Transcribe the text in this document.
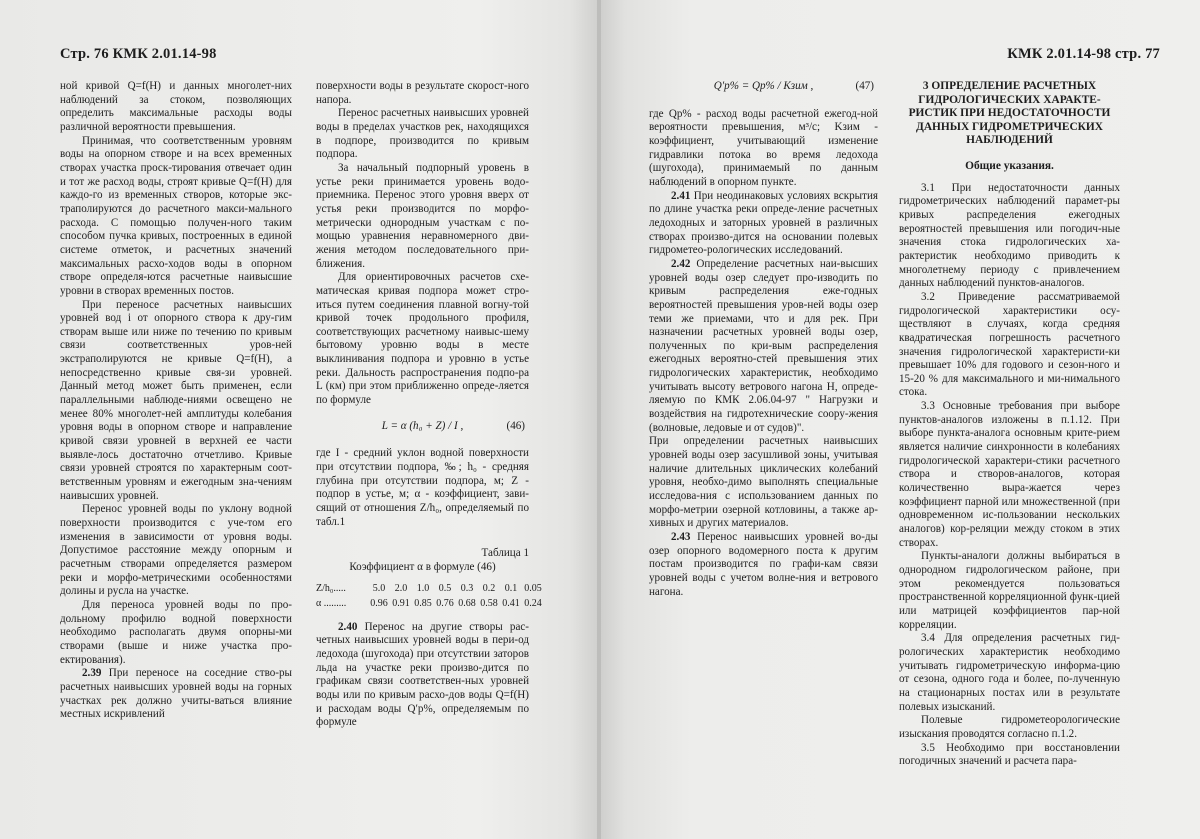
Стр. 76 КМК 2.01.14-98

ной кривой Q=f(H) и данных многолет-них наблюдений за стоком, позволяющих определить максимальные расходы воды различной вероятности превышения.

Принимая, что соответственным уровням воды на опорном створе и на всех временных створах участка проск-тирования отвечает один и тот же расход воды, строят кривые Q=f(H) для каждо-го из временных створов, которые экс-траполируются до расчетного макси-мального расхода. С помощью получен-ного таким способом пучка кривых, построенных в единой системе отметок, и расчетных значений максимальных расхо-ходов воды в опорном створе определя-ются расчетные наивысшие уровни в створах временных постов.

При переносе расчетных наивысших уровней вод і от опорного створа к дру-гим створам выше или ниже по течению по кривым связи соответственных уров-ней экстраполируются не кривые Q=f(H), а непосредственно кривые свя-зи уровней. Данный метод может быть применен, если параллельными наблюде-ниями освещено не менее 80% многолет-ней амплитуды колебания уровня воды в опорном створе и направление кривой связи уровней в верхней ее части выявле-лось достаточно отчетливо. Кривые связи уровней строятся по характерным соот-ветственным уровням и ежегодным зна-чениям наивысших уровней.

Перенос уровней воды по уклону водной поверхности производится с уче-том его изменения в зависимости от уровня воды. Допустимое расстояние между опорным и расчетным створами определяется размером реки и морфо-метрическими особенностями долины и русла на участке.

Для переноса уровней воды по про-дольному профилю водной поверхности необходимо располагать двумя опорны-ми створами (выше и ниже участка про-ектирования).

2.39 При переносе на соседние ство-ры расчетных наивысших уровней воды на горных участках рек должно учиты-ваться влияние местных искривлений

поверхности воды в результате скорост-ного напора.

Перенос расчетных наивысших уровней воды в пределах участков рек, находящихся в подпоре, производится по кривым подпора.

За начальный подпорный уровень в устье реки принимается уровень водо-приемника. Перенос этого уровня вверх от устья реки производится по морфо-метрически однородным участкам с по-мощью уравнения неравномерного дви-жения методом последовательного при-ближения.

Для ориентировочных расчетов схе-матическая кривая подпора может стро-иться путем соединения плавной вогну-той кривой точек продольного профиля, соответствующих расчетному наивыс-шему бытовому уровню воды в месте выклинивания подпора и уровню в устье реки. Дальность распространения подпо-ра L (км) при этом приближенно опреде-ляется по формуле

L = α (h₀ + Z) / I ,	(46)

где I - средний уклон водной поверхности при отсутствии подпора, ‰; h₀ - средняя глубина при отсутствии подпора, м; Z - подпор в устье, м; α - коэффициент, зави-сящий от отношения Z/h₀, определяемый по табл.1

Таблица 1

Коэффициент α в формуле (46)

Z/h₀.....	5.0 2.0 1.0 0.5 0.3 0.2 0.1 0.05
α ......... 0.96 0.91 0.85 0.76 0.68 0.58 0.41 0.24

2.40 Перенос на другие створы рас-четных наивысших уровней воды в пери-од ледохода (шугохода) при отсутствии заторов льда на участке реки произво-дится по графикам связи соответствен-ных уровней воды или по кривым расхо-дов воды Q=f(H) и расходам воды Q′р%, определяемым по формуле

КМК 2.01.14-98 стр. 77
Q′р% = Qр% / Kзим ,	(47)

где Qр% - расход воды расчетной ежегод-ной вероятности превышения, м³/с; Kзим - коэффициент, учитывающий изменение гидравлики потока во время ледохода (шугохода), принимаемый по данным наблюдений в опорном пункте.

2.41 При неодинаковых условиях вскрытия по длине участка реки опреде-ление расчетных ледоходных и заторных уровней в различных створах произво-дится на основании полевых гидрометео-рологических исследований.

2.42 Определение расчетных наи-высших уровней воды озер следует про-изводить по кривым распределения еже-годных вероятностей превышения уров-ней воды озер теми же приемами, что и для рек. При назначении расчетных уровней воды озер, полученных по кри-вым распределения ежегодных вероятно-стей превышения этих гидрологических характеристик, необходимо учитывать высоту ветрового нагона H, опреде-ляемую по КМК 2.06.04-97 " Нагрузки и воздействия на гидротехнические соору-жения (волновые, ледовые и от судов)".

При определении расчетных наивысших уровней воды озер засушливой зоны, учитывая наличие длительных циклических колебаний уровня, необхо-димо выполнять специальные исследова-ния с использованием данных по морфо-метрии озерной котловины, а также ар-хивных и других материалов.

2.43 Перенос наивысших уровней во-ды озер опорного водомерного поста к другим постам производится по графи-кам связи уровней воды с учетом волне-ния и ветрового нагона.

3 ОПРЕДЕЛЕНИЕ РАСЧЕТНЫХ ГИДРОЛОГИЧЕСКИХ ХАРАКТЕ-РИСТИК ПРИ НЕДОСТАТОЧНОСТИ ДАННЫХ ГИДРОМЕТРИЧЕСКИХ НАБЛЮДЕНИЙ
Общие указания.

3.1 При недостаточности данных гидрометрических наблюдений парамет-ры кривых распределения ежегодных вероятностей превышения или погодич-ные значения стока гидрологических ха-рактеристик необходимо приводить к многолетнему периоду с привлечением данных наблюдений пунктов-аналогов.

3.2 Приведение рассматриваемой гидрологической характеристики осу-ществляют в случаях, когда средняя квадратическая погрешность расчетного значения гидрологической характеристи-ки превышает 10% для годового и сезон-ного и 15-20 % для максимального и ми-нимального стока.

3.3 Основные требования при выборе пунктов-аналогов изложены в п.1.12. При выборе пункта-аналога основным крите-рием является наличие синхронности в колебаниях гидрологической характери-стики расчетного створа и створов-аналогов, которая количественно выра-жается через коэффициент парной или множественной (при одновременном ис-пользовании нескольких аналогов) кор-реляции между стоком в этих створах.

Пункты-аналоги должны выбираться в однородном гидрологическом районе, при этом рекомендуется пользоваться пространственной корреляционной функ-цией или матрицей коэффициентов пар-ной корреляции.

3.4 Для определения расчетных гид-рологических характеристик необходимо учитывать гидрометрическую информа-цию от сезона, одного года и более, по-лученную на стационарных постах или в результате полевых изысканий.

Полевые гидрометеорологические изыскания проводятся согласно п.1.2.

3.5 Необходимо при восстановлении погодичных значений и расчета пара-
